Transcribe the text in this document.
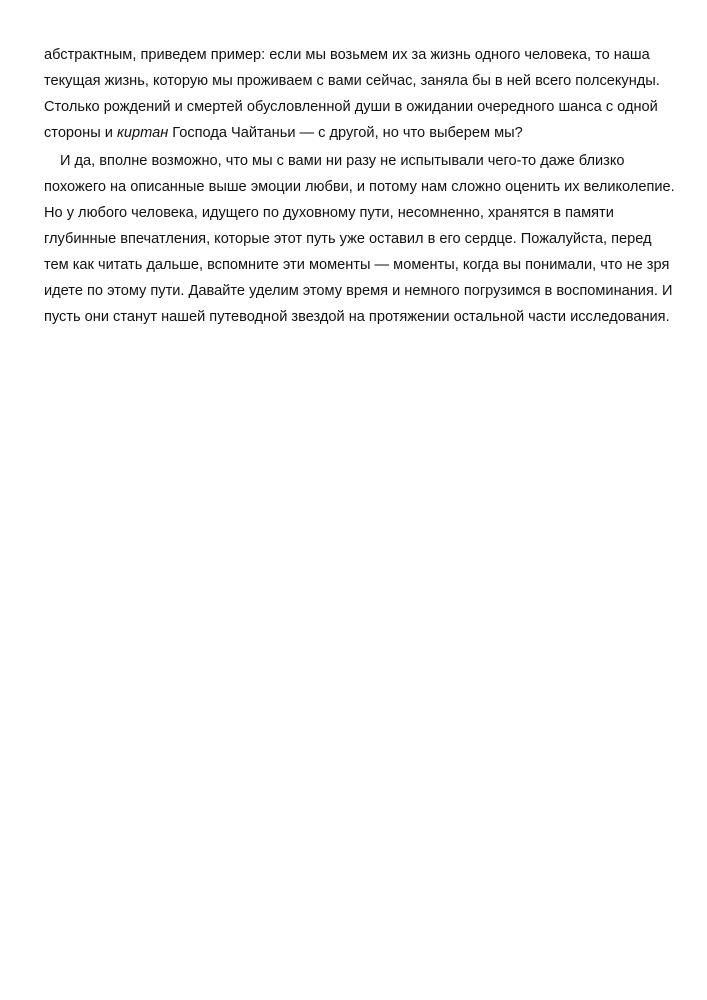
абстрактным, приведем пример: если мы возьмем их за жизнь одного человека, то наша
текущая жизнь, которую мы проживаем с вами сейчас, заняла бы в ней всего полсекунды.
Столько рождений и смертей обусловленной души в ожидании очередного шанса с одной
стороны и киртан Господа Чайтаньи — с другой, но что выберем мы?

И да, вполне возможно, что мы с вами ни разу не испытывали чего-то даже близко
похожего на описанные выше эмоции любви, и потому нам сложно оценить их великолепие.
Но у любого человека, идущего по духовному пути, несомненно, хранятся в памяти
глубинные впечатления, которые этот путь уже оставил в его сердце. Пожалуйста, перед
тем как читать дальше, вспомните эти моменты — моменты, когда вы понимали, что не зря
идете по этому пути. Давайте уделим этому время и немного погрузимся в воспоминания. И
пусть они станут нашей путеводной звездой на протяжении остальной части исследования.
